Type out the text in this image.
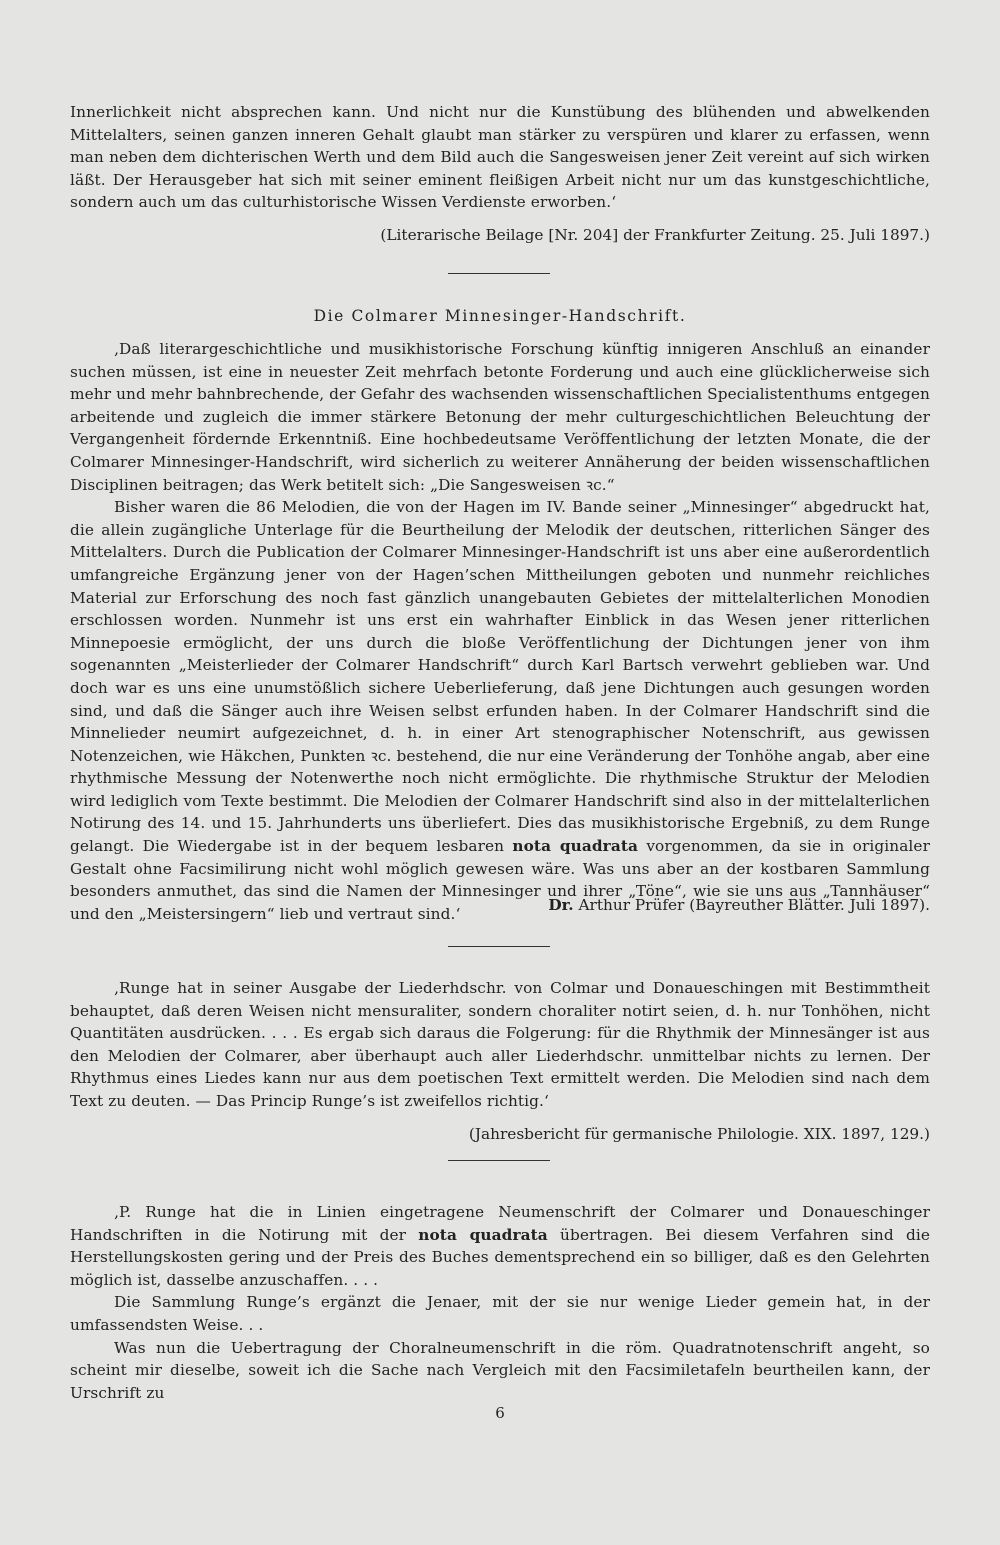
Innerlichkeit nicht absprechen kann. Und nicht nur die Kunstübung des blühenden und abwelkenden Mittelalters, seinen ganzen inneren Gehalt glaubt man stärker zu verspüren und klarer zu erfassen, wenn man neben dem dichterischen Werth und dem Bild auch die Sangesweisen jener Zeit vereint auf sich wirken läßt. Der Herausgeber hat sich mit seiner eminent fleißigen Arbeit nicht nur um das kunstgeschichtliche, sondern auch um das culturhistorische Wissen Verdienste erworben.‘

(Literarische Beilage [Nr. 204] der Frankfurter Zeitung. 25. Juli 1897.)
Die Colmarer Minnesinger-Handschrift.

‚Daß literargeschichtliche und musikhistorische Forschung künftig innigeren Anschluß an einander suchen müssen, ist eine in neuester Zeit mehrfach betonte Forderung und auch eine glücklicherweise sich mehr und mehr bahnbrechende, der Gefahr des wachsenden wissenschaftlichen Specialistenthums entgegen arbeitende und zugleich die immer stärkere Betonung der mehr culturgeschichtlichen Beleuchtung der Vergangenheit fördernde Erkenntniß. Eine hochbedeutsame Veröffentlichung der letzten Monate, die der Colmarer Minnesinger-Handschrift, wird sicherlich zu weiterer Annäherung der beiden wissenschaftlichen Disciplinen beitragen; das Werk betitelt sich: „Die Sangesweisen ꝛc.“

Bisher waren die 86 Melodien, die von der Hagen im IV. Bande seiner „Minnesinger“ abgedruckt hat, die allein zugängliche Unterlage für die Beurtheilung der Melodik der deutschen, ritterlichen Sänger des Mittelalters. Durch die Publication der Colmarer Minnesinger-Handschrift ist uns aber eine außerordentlich umfangreiche Ergänzung jener von der Hagen’schen Mittheilungen geboten und nunmehr reichliches Material zur Erforschung des noch fast gänzlich unangebauten Gebietes der mittelalterlichen Monodien erschlossen worden. Nunmehr ist uns erst ein wahrhafter Einblick in das Wesen jener ritterlichen Minnepoesie ermöglicht, der uns durch die bloße Veröffentlichung der Dichtungen jener von ihm sogenannten „Meisterlieder der Colmarer Handschrift“ durch Karl Bartsch verwehrt geblieben war. Und doch war es uns eine unumstößlich sichere Ueberlieferung, daß jene Dichtungen auch gesungen worden sind, und daß die Sänger auch ihre Weisen selbst erfunden haben. In der Colmarer Handschrift sind die Minnelieder neumirt aufgezeichnet, d. h. in einer Art stenographischer Notenschrift, aus gewissen Notenzeichen, wie Häkchen, Punkten ꝛc. bestehend, die nur eine Veränderung der Tonhöhe angab, aber eine rhythmische Messung der Notenwerthe noch nicht ermöglichte. Die rhythmische Struktur der Melodien wird lediglich vom Texte bestimmt. Die Melodien der Colmarer Handschrift sind also in der mittelalterlichen Notirung des 14. und 15. Jahrhunderts uns überliefert. Dies das musikhistorische Ergebniß, zu dem Runge gelangt. Die Wiedergabe ist in der bequem lesbaren nota quadrata vorgenommen, da sie in originaler Gestalt ohne Facsimilirung nicht wohl möglich gewesen wäre. Was uns aber an der kostbaren Sammlung besonders anmuthet, das sind die Namen der Minnesinger und ihrer „Töne“, wie sie uns aus „Tannhäuser“ und den „Meistersingern“ lieb und vertraut sind.‘	Dr. Arthur Prüfer (Bayreuther Blätter. Juli 1897).

‚Runge hat in seiner Ausgabe der Liederhdschr. von Colmar und Donaueschingen mit Bestimmtheit behauptet, daß deren Weisen nicht mensuraliter, sondern choraliter notirt seien, d. h. nur Tonhöhen, nicht Quantitäten ausdrücken. . . . Es ergab sich daraus die Folgerung: für die Rhythmik der Minnesänger ist aus den Melodien der Colmarer, aber überhaupt auch aller Liederhdschr. unmittelbar nichts zu lernen. Der Rhythmus eines Liedes kann nur aus dem poetischen Text ermittelt werden. Die Melodien sind nach dem Text zu deuten. — Das Princip Runge’s ist zweifellos richtig.‘

(Jahresbericht für germanische Philologie. XIX. 1897, 129.)

‚P. Runge hat die in Linien eingetragene Neumenschrift der Colmarer und Donaueschinger Handschriften in die Notirung mit der nota quadrata übertragen. Bei diesem Verfahren sind die Herstellungskosten gering und der Preis des Buches dementsprechend ein so billiger, daß es den Gelehrten möglich ist, dasselbe anzuschaffen. . . .

Die Sammlung Runge’s ergänzt die Jenaer, mit der sie nur wenige Lieder gemein hat, in der umfassendsten Weise. . .

Was nun die Uebertragung der Choralneumenschrift in die röm. Quadratnotenschrift angeht, so scheint mir dieselbe, soweit ich die Sache nach Vergleich mit den Facsimiletafeln beurtheilen kann, der Urschrift zu

6
